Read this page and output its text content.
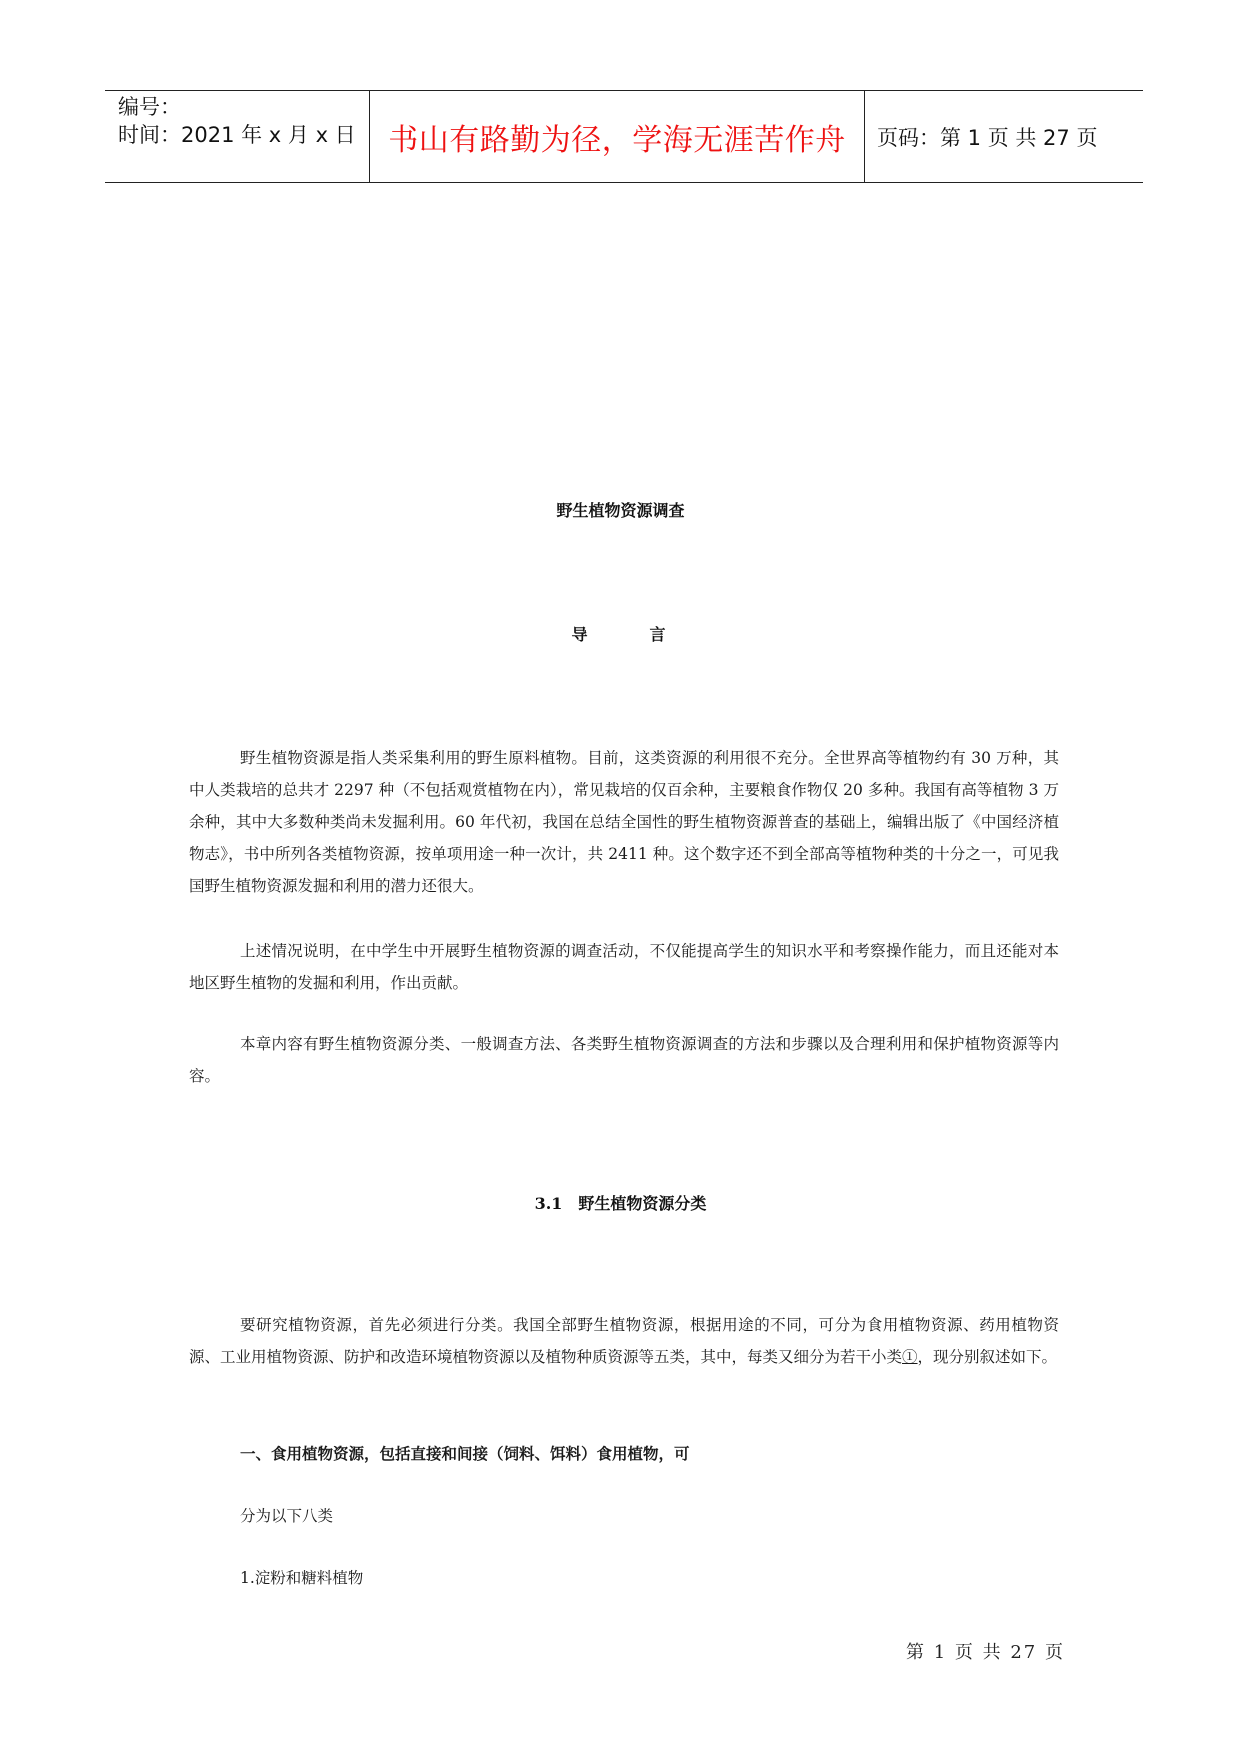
编号：
时间：2021 年 x 月 x 日	书山有路勤为径，学海无涯苦作舟 页码：第 1 页 共 27 页
野生植物资源调查
导言
野生植物资源是指人类采集利用的野生原料植物。目前，这类资源的利用很不充分。全世界高等植物约有 30 万种，其中人类栽培的总共才 2297 种（不包括观赏植物在内），常见栽培的仅百余种，主要粮食作物仅 20 多种。我国有高等植物 3 万余种，其中大多数种类尚未发掘利用。60 年代初，我国在总结全国性的野生植物资源普查的基础上，编辑出版了《中国经济植物志》，书中所列各类植物资源，按单项用途一种一次计，共 2411 种。这个数字还不到全部高等植物种类的十分之一，可见我国野生植物资源发掘和利用的潜力还很大。
上述情况说明，在中学生中开展野生植物资源的调查活动，不仅能提高学生的知识水平和考察操作能力，而且还能对本地区野生植物的发掘和利用，作出贡献。
本章内容有野生植物资源分类、一般调查方法、各类野生植物资源调查的方法和步骤以及合理利用和保护植物资源等内容。
3.1　野生植物资源分类
要研究植物资源，首先必须进行分类。我国全部野生植物资源，根据用途的不同，可分为食用植物资源、药用植物资源、工业用植物资源、防护和改造环境植物资源以及植物种质资源等五类，其中，每类又细分为若干小类①，现分别叙述如下。
一、食用植物资源，包括直接和间接（饲料、饵料）食用植物，可
分为以下八类
1.淀粉和糖料植物
第 1 页 共 27 页
